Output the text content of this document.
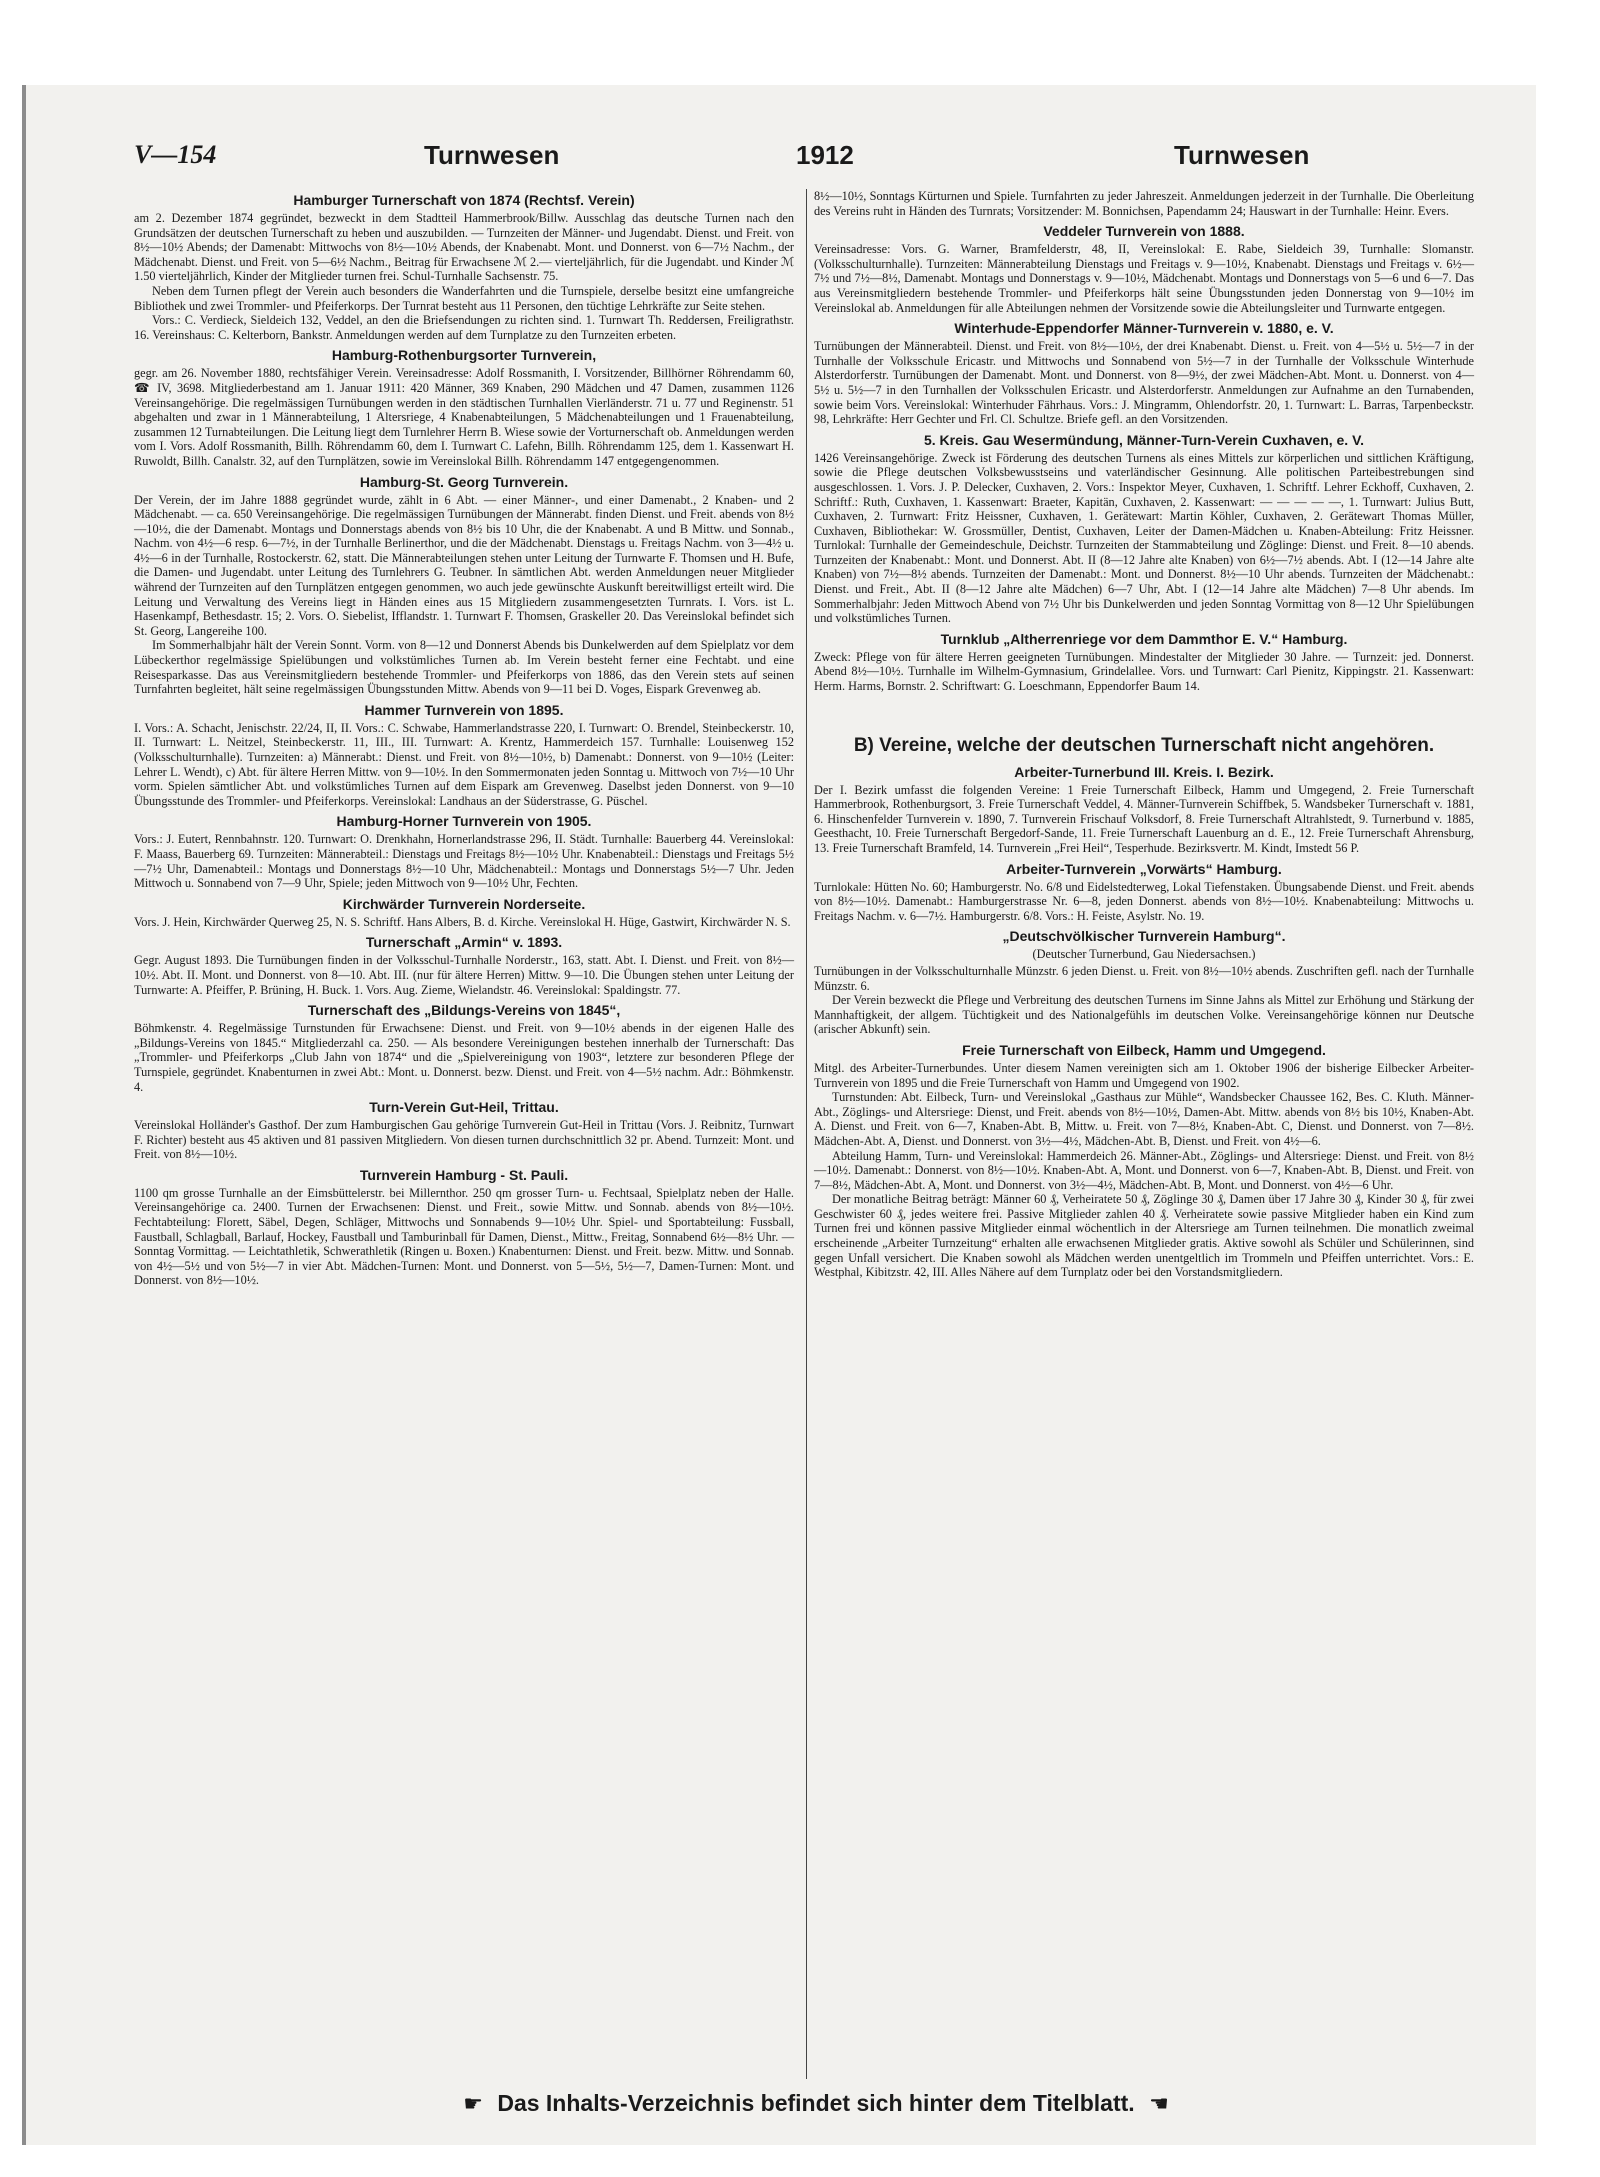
V—154	Turnwesen	1912	Turnwesen
Hamburger Turnerschaft von 1874 (Rechtsf. Verein)

am 2. Dezember 1874 gegründet, bezweckt in dem Stadtteil Hammerbrook/Billw. Ausschlag das deutsche Turnen nach den Grundsätzen der deutschen Turnerschaft zu heben und auszubilden. — Turnzeiten der Männer- und Jugendabt. Dienst. und Freit. von 8½—10½ Abends; der Damenabt: Mittwochs von 8½—10½ Abends, der Knabenabt. Mont. und Donnerst. von 6—7½ Nachm., der Mädchenabt. Dienst. und Freit. von 5—6½ Nachm., Beitrag für Erwachsene ℳ 2.— vierteljährlich, für die Jugendabt. und Kinder ℳ 1.50 vierteljährlich, Kinder der Mitglieder turnen frei. Schul-Turnhalle Sachsenstr. 75.

Neben dem Turnen pflegt der Verein auch besonders die Wanderfahrten und die Turnspiele, derselbe besitzt eine umfangreiche Bibliothek und zwei Trommler- und Pfeiferkorps. Der Turnrat besteht aus 11 Personen, den tüchtige Lehrkräfte zur Seite stehen.

Vors.: C. Verdieck, Sieldeich 132, Veddel, an den die Briefsendungen zu richten sind. 1. Turnwart Th. Reddersen, Freiligrathstr. 16. Vereinshaus: C. Kelterborn, Bankstr. Anmeldungen werden auf dem Turnplatze zu den Turnzeiten erbeten.

Hamburg-Rothenburgsorter Turnverein,

gegr. am 26. November 1880, rechtsfähiger Verein. Vereinsadresse: Adolf Rossmanith, I. Vorsitzender, Billhörner Röhrendamm 60, ☎ IV, 3698. Mitgliederbestand am 1. Januar 1911: 420 Männer, 369 Knaben, 290 Mädchen und 47 Damen, zusammen 1126 Vereinsangehörige. Die regelmässigen Turnübungen werden in den städtischen Turnhallen Vierländerstr. 71 u. 77 und Reginenstr. 51 abgehalten und zwar in 1 Männerabteilung, 1 Altersriege, 4 Knabenabteilungen, 5 Mädchenabteilungen und 1 Frauenabteilung, zusammen 12 Turnabteilungen. Die Leitung liegt dem Turnlehrer Herrn B. Wiese sowie der Vorturnerschaft ob. Anmeldungen werden vom I. Vors. Adolf Rossmanith, Billh. Röhrendamm 60, dem I. Turnwart C. Lafehn, Billh. Röhrendamm 125, dem 1. Kassenwart H. Ruwoldt, Billh. Canalstr. 32, auf den Turnplätzen, sowie im Vereinslokal Billh. Röhrendamm 147 entgegengenommen.

Hamburg-St. Georg Turnverein.

Der Verein, der im Jahre 1888 gegründet wurde, zählt in 6 Abt. — einer Männer-, und einer Damenabt., 2 Knaben- und 2 Mädchenabt. — ca. 650 Vereinsangehörige. Die regelmässigen Turnübungen der Männerabt. finden Dienst. und Freit. abends von 8½—10½, die der Damenabt. Montags und Donnerstags abends von 8½ bis 10 Uhr, die der Knabenabt. A und B Mittw. und Sonnab., Nachm. von 4½—6 resp. 6—7½, in der Turnhalle Berlinerthor, und die der Mädchenabt. Dienstags u. Freitags Nachm. von 3—4½ u. 4½—6 in der Turnhalle, Rostockerstr. 62, statt. Die Männerabteilungen stehen unter Leitung der Turnwarte F. Thomsen und H. Bufe, die Damen- und Jugendabt. unter Leitung des Turnlehrers G. Teubner. In sämtlichen Abt. werden Anmeldungen neuer Mitglieder während der Turnzeiten auf den Turnplätzen entgegen genommen, wo auch jede gewünschte Auskunft bereitwilligst erteilt wird. Die Leitung und Verwaltung des Vereins liegt in Händen eines aus 15 Mitgliedern zusammengesetzten Turnrats. I. Vors. ist L. Hasenkampf, Bethesdastr. 15; 2. Vors. O. Siebelist, Ifflandstr. 1. Turnwart F. Thomsen, Graskeller 20. Das Vereinslokal befindet sich St. Georg, Langereihe 100.

Im Sommerhalbjahr hält der Verein Sonnt. Vorm. von 8—12 und Donnerst Abends bis Dunkelwerden auf dem Spielplatz vor dem Lübeckerthor regelmässige Spielübungen und volkstümliches Turnen ab. Im Verein besteht ferner eine Fechtabt. und eine Reisesparkasse. Das aus Vereinsmitgliedern bestehende Trommler- und Pfeiferkorps von 1886, das den Verein stets auf seinen Turnfahrten begleitet, hält seine regelmässigen Übungsstunden Mittw. Abends von 9—11 bei D. Voges, Eispark Grevenweg ab.

Hammer Turnverein von 1895.

I. Vors.: A. Schacht, Jenischstr. 22/24, II, II. Vors.: C. Schwabe, Hammerlandstrasse 220, I. Turnwart: O. Brendel, Steinbeckerstr. 10, II. Turnwart: L. Neitzel, Steinbeckerstr. 11, III., III. Turnwart: A. Krentz, Hammerdeich 157. Turnhalle: Louisenweg 152 (Volksschulturnhalle). Turnzeiten: a) Männerabt.: Dienst. und Freit. von 8½—10½, b) Damenabt.: Donnerst. von 9—10½ (Leiter: Lehrer L. Wendt), c) Abt. für ältere Herren Mittw. von 9—10½. In den Sommermonaten jeden Sonntag u. Mittwoch von 7½—10 Uhr vorm. Spielen sämtlicher Abt. und volkstümliches Turnen auf dem Eispark am Grevenweg. Daselbst jeden Donnerst. von 9—10 Übungsstunde des Trommler- und Pfeiferkorps. Vereinslokal: Landhaus an der Süderstrasse, G. Püschel.

Hamburg-Horner Turnverein von 1905.

Vors.: J. Eutert, Rennbahnstr. 120. Turnwart: O. Drenkhahn, Hornerlandstrasse 296, II. Städt. Turnhalle: Bauerberg 44. Vereinslokal: F. Maass, Bauerberg 69. Turnzeiten: Männerabteil.: Dienstags und Freitags 8½—10½ Uhr. Knabenabteil.: Dienstags und Freitags 5½—7½ Uhr, Damenabteil.: Montags und Donnerstags 8½—10 Uhr, Mädchenabteil.: Montags und Donnerstags 5½—7 Uhr. Jeden Mittwoch u. Sonnabend von 7—9 Uhr, Spiele; jeden Mittwoch von 9—10½ Uhr, Fechten.

Kirchwärder Turnverein Norderseite.

Vors. J. Hein, Kirchwärder Querweg 25, N. S. Schriftf. Hans Albers, B. d. Kirche. Vereinslokal H. Hüge, Gastwirt, Kirchwärder N. S.

Turnerschaft „Armin“ v. 1893.

Gegr. August 1893. Die Turnübungen finden in der Volksschul-Turnhalle Norderstr., 163, statt. Abt. I. Dienst. und Freit. von 8½—10½. Abt. II. Mont. und Donnerst. von 8—10. Abt. III. (nur für ältere Herren) Mittw. 9—10. Die Übungen stehen unter Leitung der Turnwarte: A. Pfeiffer, P. Brüning, H. Buck. 1. Vors. Aug. Zieme, Wielandstr. 46. Vereinslokal: Spaldingstr. 77.

Turnerschaft des „Bildungs-Vereins von 1845“,

Böhmkenstr. 4. Regelmässige Turnstunden für Erwachsene: Dienst. und Freit. von 9—10½ abends in der eigenen Halle des „Bildungs-Vereins von 1845.“ Mitgliederzahl ca. 250. — Als besondere Vereinigungen bestehen innerhalb der Turnerschaft: Das „Trommler- und Pfeiferkorps „Club Jahn von 1874“ und die „Spielvereinigung von 1903“, letztere zur besonderen Pflege der Turnspiele, gegründet. Knabenturnen in zwei Abt.: Mont. u. Donnerst. bezw. Dienst. und Freit. von 4—5½ nachm. Adr.: Böhmkenstr. 4.

Turn-Verein Gut-Heil, Trittau.

Vereinslokal Holländer's Gasthof. Der zum Hamburgischen Gau gehörige Turnverein Gut-Heil in Trittau (Vors. J. Reibnitz, Turnwart F. Richter) besteht aus 45 aktiven und 81 passiven Mitgliedern. Von diesen turnen durchschnittlich 32 pr. Abend. Turnzeit: Mont. und Freit. von 8½—10½.

Turnverein Hamburg - St. Pauli.

1100 qm grosse Turnhalle an der Eimsbüttelerstr. bei Millernthor. 250 qm grosser Turn- u. Fechtsaal, Spielplatz neben der Halle. Vereinsangehörige ca. 2400. Turnen der Erwachsenen: Dienst. und Freit., sowie Mittw. und Sonnab. abends von 8½—10½. Fechtabteilung: Florett, Säbel, Degen, Schläger, Mittwochs und Sonnabends 9—10½ Uhr. Spiel- und Sportabteilung: Fussball, Faustball, Schlagball, Barlauf, Hockey, Faustball und Tamburinball für Damen, Dienst., Mittw., Freitag, Sonnabend 6½—8½ Uhr. — Sonntag Vormittag. — Leichtathletik, Schwerathletik (Ringen u. Boxen.) Knabenturnen: Dienst. und Freit. bezw. Mittw. und Sonnab. von 4½—5½ und von 5½—7 in vier Abt. Mädchen-Turnen: Mont. und Donnerst. von 5—5½, 5½—7, Damen-Turnen: Mont. und Donnerst. von 8½—10½.

8½—10½, Sonntags Kürturnen und Spiele. Turnfahrten zu jeder Jahreszeit. Anmeldungen jederzeit in der Turnhalle. Die Oberleitung des Vereins ruht in Händen des Turnrats; Vorsitzender: M. Bonnichsen, Papendamm 24; Hauswart in der Turnhalle: Heinr. Evers.

Veddeler Turnverein von 1888.

Vereinsadresse: Vors. G. Warner, Bramfelderstr, 48, II, Vereinslokal: E. Rabe, Sieldeich 39, Turnhalle: Slomanstr. (Volksschulturnhalle). Turnzeiten: Männerabteilung Dienstags und Freitags v. 9—10½, Knabenabt. Dienstags und Freitags v. 6½—7½ und 7½—8½, Damenabt. Montags und Donnerstags v. 9—10½, Mädchenabt. Montags und Donnerstags von 5—6 und 6—7. Das aus Vereinsmitgliedern bestehende Trommler- und Pfeiferkorps hält seine Übungsstunden jeden Donnerstag von 9—10½ im Vereinslokal ab. Anmeldungen für alle Abteilungen nehmen der Vorsitzende sowie die Abteilungsleiter und Turnwarte entgegen.

Winterhude-Eppendorfer Männer-Turnverein v. 1880, e. V.

Turnübungen der Männerabteil. Dienst. und Freit. von 8½—10½, der drei Knabenabt. Dienst. u. Freit. von 4—5½ u. 5½—7 in der Turnhalle der Volksschule Ericastr. und Mittwochs und Sonnabend von 5½—7 in der Turnhalle der Volksschule Winterhude Alsterdorferstr. Turnübungen der Damenabt. Mont. und Donnerst. von 8—9½, der zwei Mädchen-Abt. Mont. u. Donnerst. von 4—5½ u. 5½—7 in den Turnhallen der Volksschulen Ericastr. und Alsterdorferstr. Anmeldungen zur Aufnahme an den Turnabenden, sowie beim Vors. Vereinslokal: Winterhuder Fährhaus. Vors.: J. Mingramm, Ohlendorfstr. 20, 1. Turnwart: L. Barras, Tarpenbeckstr. 98, Lehrkräfte: Herr Gechter und Frl. Cl. Schultze. Briefe gefl. an den Vorsitzenden.

5. Kreis. Gau Wesermündung, Männer-Turn-Verein Cuxhaven, e. V.

1426 Vereinsangehörige. Zweck ist Förderung des deutschen Turnens als eines Mittels zur körperlichen und sittlichen Kräftigung, sowie die Pflege deutschen Volksbewusstseins und vaterländischer Gesinnung. Alle politischen Parteibestrebungen sind ausgeschlossen. 1. Vors. J. P. Delecker, Cuxhaven, 2. Vors.: Inspektor Meyer, Cuxhaven, 1. Schriftf. Lehrer Eckhoff, Cuxhaven, 2. Schriftf.: Ruth, Cuxhaven, 1. Kassenwart: Braeter, Kapitän, Cuxhaven, 2. Kassenwart: — — — — —, 1. Turnwart: Julius Butt, Cuxhaven, 2. Turnwart: Fritz Heissner, Cuxhaven, 1. Gerätewart: Martin Köhler, Cuxhaven, 2. Gerätewart Thomas Müller, Cuxhaven, Bibliothekar: W. Grossmüller, Dentist, Cuxhaven, Leiter der Damen-Mädchen u. Knaben-Abteilung: Fritz Heissner. Turnlokal: Turnhalle der Gemeindeschule, Deichstr. Turnzeiten der Stammabteilung und Zöglinge: Dienst. und Freit. 8—10 abends. Turnzeiten der Knabenabt.: Mont. und Donnerst. Abt. II (8—12 Jahre alte Knaben) von 6½—7½ abends. Abt. I (12—14 Jahre alte Knaben) von 7½—8½ abends. Turnzeiten der Damenabt.: Mont. und Donnerst. 8½—10 Uhr abends. Turnzeiten der Mädchenabt.: Dienst. und Freit., Abt. II (8—12 Jahre alte Mädchen) 6—7 Uhr, Abt. I (12—14 Jahre alte Mädchen) 7—8 Uhr abends. Im Sommerhalbjahr: Jeden Mittwoch Abend von 7½ Uhr bis Dunkelwerden und jeden Sonntag Vormittag von 8—12 Uhr Spielübungen und volkstümliches Turnen.

Turnklub „Altherrenriege vor dem Dammthor E. V.“ Hamburg.

Zweck: Pflege von für ältere Herren geeigneten Turnübungen. Mindestalter der Mitglieder 30 Jahre. — Turnzeit: jed. Donnerst. Abend 8½—10½. Turnhalle im Wilhelm-Gymnasium, Grindelallee. Vors. und Turnwart: Carl Pienitz, Kippingstr. 21. Kassenwart: Herm. Harms, Bornstr. 2. Schriftwart: G. Loeschmann, Eppendorfer Baum 14.

B) Vereine, welche der deutschen Turnerschaft nicht angehören.
Arbeiter-Turnerbund III. Kreis. I. Bezirk.

Der I. Bezirk umfasst die folgenden Vereine: 1 Freie Turnerschaft Eilbeck, Hamm und Umgegend, 2. Freie Turnerschaft Hammerbrook, Rothenburgsort, 3. Freie Turnerschaft Veddel, 4. Männer-Turnverein Schiffbek, 5. Wandsbeker Turnerschaft v. 1881, 6. Hinschenfelder Turnverein v. 1890, 7. Turnverein Frischauf Volksdorf, 8. Freie Turnerschaft Altrahlstedt, 9. Turnerbund v. 1885, Geesthacht, 10. Freie Turnerschaft Bergedorf-Sande, 11. Freie Turnerschaft Lauenburg an d. E., 12. Freie Turnerschaft Ahrensburg, 13. Freie Turnerschaft Bramfeld, 14. Turnverein „Frei Heil“, Tesperhude. Bezirksvertr. M. Kindt, Imstedt 56 P.

Arbeiter-Turnverein „Vorwärts“ Hamburg.

Turnlokale: Hütten No. 60; Hamburgerstr. No. 6/8 und Eidelstedterweg, Lokal Tiefenstaken. Übungsabende Dienst. und Freit. abends von 8½—10½. Damenabt.: Hamburgerstrasse Nr. 6—8, jeden Donnerst. abends von 8½—10½. Knabenabteilung: Mittwochs u. Freitags Nachm. v. 6—7½. Hamburgerstr. 6/8. Vors.: H. Feiste, Asylstr. No. 19.

„Deutschvölkischer Turnverein Hamburg“.
(Deutscher Turnerbund, Gau Niedersachsen.)

Turnübungen in der Volksschulturnhalle Münzstr. 6 jeden Dienst. u. Freit. von 8½—10½ abends. Zuschriften gefl. nach der Turnhalle Münzstr. 6.

Der Verein bezweckt die Pflege und Verbreitung des deutschen Turnens im Sinne Jahns als Mittel zur Erhöhung und Stärkung der Mannhaftigkeit, der allgem. Tüchtigkeit und des Nationalgefühls im deutschen Volke. Vereinsangehörige können nur Deutsche (arischer Abkunft) sein.

Freie Turnerschaft von Eilbeck, Hamm und Umgegend.

Mitgl. des Arbeiter-Turnerbundes. Unter diesem Namen vereinigten sich am 1. Oktober 1906 der bisherige Eilbecker Arbeiter-Turnverein von 1895 und die Freie Turnerschaft von Hamm und Umgegend von 1902.

Turnstunden: Abt. Eilbeck, Turn- und Vereinslokal „Gasthaus zur Mühle“, Wandsbecker Chaussee 162, Bes. C. Kluth. Männer-Abt., Zöglings- und Altersriege: Dienst, und Freit. abends von 8½—10½, Damen-Abt. Mittw. abends von 8½ bis 10½, Knaben-Abt. A. Dienst. und Freit. von 6—7, Knaben-Abt. B, Mittw. u. Freit. von 7—8½, Knaben-Abt. C, Dienst. und Donnerst. von 7—8½. Mädchen-Abt. A, Dienst. und Donnerst. von 3½—4½, Mädchen-Abt. B, Dienst. und Freit. von 4½—6.

Abteilung Hamm, Turn- und Vereinslokal: Hammerdeich 26. Männer-Abt., Zöglings- und Altersriege: Dienst. und Freit. von 8½—10½. Damenabt.: Donnerst. von 8½—10½. Knaben-Abt. A, Mont. und Donnerst. von 6—7, Knaben-Abt. B, Dienst. und Freit. von 7—8½, Mädchen-Abt. A, Mont. und Donnerst. von 3½—4½, Mädchen-Abt. B, Mont. und Donnerst. von 4½—6 Uhr.

Der monatliche Beitrag beträgt: Männer 60 ₰, Verheiratete 50 ₰, Zöglinge 30 ₰, Damen über 17 Jahre 30 ₰, Kinder 30 ₰, für zwei Geschwister 60 ₰, jedes weitere frei. Passive Mitglieder zahlen 40 ₰. Verheiratete sowie passive Mitglieder haben ein Kind zum Turnen frei und können passive Mitglieder einmal wöchentlich in der Altersriege am Turnen teilnehmen. Die monatlich zweimal erscheinende „Arbeiter Turnzeitung“ erhalten alle erwachsenen Mitglieder gratis. Aktive sowohl als Schüler und Schülerinnen, sind gegen Unfall versichert. Die Knaben sowohl als Mädchen werden unentgeltlich im Trommeln und Pfeiffen unterrichtet. Vors.: E. Westphal, Kibitzstr. 42, III. Alles Nähere auf dem Turnplatz oder bei den Vorstandsmitgliedern.

☛ Das Inhalts-Verzeichnis befindet sich hinter dem Titelblatt. ☚
